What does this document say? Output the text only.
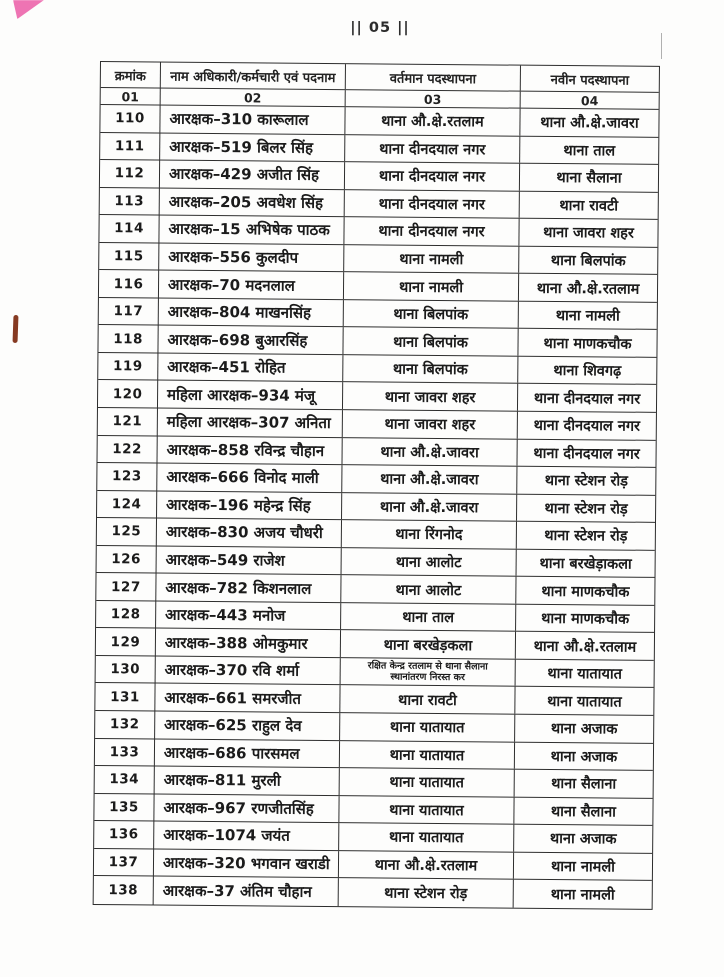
|| 05 ||
क्रमांक	नाम अधिकारी/कर्मचारी एवं पदनाम	वर्तमान पदस्थापना	नवीन पदस्थापना
01	02	03	04
110	आरक्षक–310 कारूलाल	थाना औ.क्षे.रतलाम	थाना औ.क्षे.जावरा
111	आरक्षक–519 बिलर सिंह	थाना दीनदयाल नगर	थाना ताल
112	आरक्षक–429 अजीत सिंह	थाना दीनदयाल नगर	थाना सैलाना
113	आरक्षक–205 अवधेश सिंह	थाना दीनदयाल नगर	थाना रावटी
114	आरक्षक–15 अभिषेक पाठक	थाना दीनदयाल नगर	थाना जावरा शहर
115	आरक्षक–556 कुलदीप	थाना नामली	थाना बिलपांक
116	आरक्षक–70 मदनलाल	थाना नामली	थाना औ.क्षे.रतलाम
117	आरक्षक–804 माखनसिंह	थाना बिलपांक	थाना नामली
118	आरक्षक–698 बुआरसिंह	थाना बिलपांक	थाना माणकचौक
119	आरक्षक–451 रोहित	थाना बिलपांक	थाना शिवगढ़
120	महिला आरक्षक–934 मंजू	थाना जावरा शहर	थाना दीनदयाल नगर
121	महिला आरक्षक–307 अनिता	थाना जावरा शहर	थाना दीनदयाल नगर
122	आरक्षक–858 रविन्द्र चौहान	थाना औ.क्षे.जावरा	थाना दीनदयाल नगर
123	आरक्षक–666 विनोद माली	थाना औ.क्षे.जावरा	थाना स्टेशन रोड़
124	आरक्षक–196 महेन्द्र सिंह	थाना औ.क्षे.जावरा	थाना स्टेशन रोड़
125	आरक्षक–830 अजय चौधरी	थाना रिंगनोद	थाना स्टेशन रोड़
126	आरक्षक–549 राजेश	थाना आलोट	थाना बरखेड़ाकला
127	आरक्षक–782 किशनलाल	थाना आलोट	थाना माणकचौक
128	आरक्षक–443 मनोज	थाना ताल	थाना माणकचौक
129	आरक्षक–388 ओमकुमार	थाना बरखेड़कला	थाना औ.क्षे.रतलाम
130	आरक्षक–370 रवि शर्मा	रक्षित केन्द्र रतलाम से थाना सैलाना स्थानांतरण निरस्त कर	थाना यातायात
131	आरक्षक–661 समरजीत	थाना रावटी	थाना यातायात
132	आरक्षक–625 राहुल देव	थाना यातायात	थाना अजाक
133	आरक्षक–686 पारसमल	थाना यातायात	थाना अजाक
134	आरक्षक–811 मुरली	थाना यातायात	थाना सैलाना
135	आरक्षक–967 रणजीतसिंह	थाना यातायात	थाना सैलाना
136	आरक्षक–1074 जयंत	थाना यातायात	थाना अजाक
137	आरक्षक–320 भगवान खराडी	थाना औ.क्षे.रतलाम	थाना नामली
138	आरक्षक–37 अंतिम चौहान	थाना स्टेशन रोड़	थाना नामली
